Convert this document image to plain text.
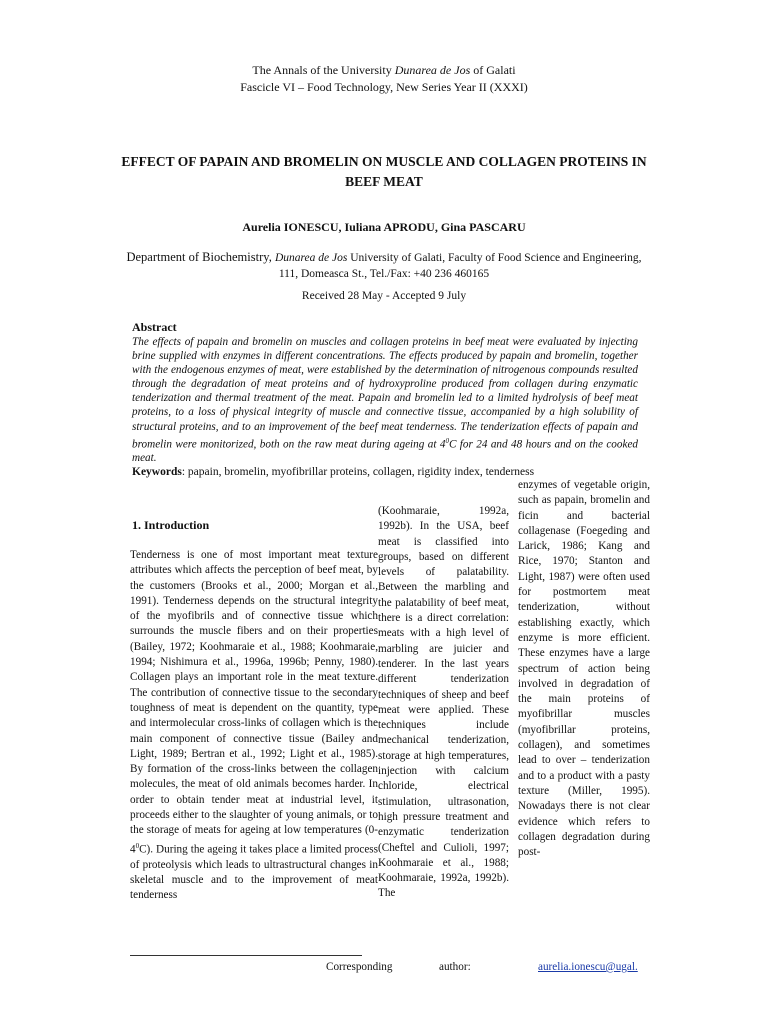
The Annals of the University Dunarea de Jos of Galati
Fascicle VI – Food Technology, New Series Year II (XXXI)
EFFECT OF PAPAIN AND BROMELIN ON MUSCLE AND COLLAGEN PROTEINS IN BEEF MEAT
Aurelia IONESCU, Iuliana APRODU, Gina PASCARU
Department of Biochemistry, Dunarea de Jos University of Galati, Faculty of Food Science and Engineering,
111, Domeasca St., Tel./Fax: +40 236 460165
Received 28 May - Accepted 9 July
Abstract
The effects of papain and bromelin on muscles and collagen proteins in beef meat were evaluated by injecting brine supplied with enzymes in different concentrations. The effects produced by papain and bromelin, together with the endogenous enzymes of meat, were established by the determination of nitrogenous compounds resulted through the degradation of meat proteins and of hydroxyproline produced from collagen during enzymatic tenderization and thermal treatment of the meat. Papain and bromelin led to a limited hydrolysis of beef meat proteins, to a loss of physical integrity of muscle and connective tissue, accompanied by a high solubility of structural proteins, and to an improvement of the beef meat tenderness. The tenderization effects of papain and bromelin were monitorized, both on the raw meat during ageing at $4^0C$ for 24 and 48 hours and on the cooked meat.
Keywords: papain, bromelin, myofibrillar proteins, collagen, rigidity index, tenderness
1. Introduction
Tenderness is one of most important meat texture attributes which affects the perception of beef meat, by the customers (Brooks et al., 2000; Morgan et al., 1991). Tenderness depends on the structural integrity of the myofibrils and of connective tissue which surrounds the muscle fibers and on their properties (Bailey, 1972; Koohmaraie et al., 1988; Koohmaraie, 1994; Nishimura et al., 1996a, 1996b; Penny, 1980). Collagen plays an important role in the meat texture. The contribution of connective tissue to the secondary toughness of meat is dependent on the quantity, type and intermolecular cross-links of collagen which is the main component of connective tissue (Bailey and Light, 1989; Bertran et al., 1992; Light et al., 1985). By formation of the cross-links between the collagen molecules, the meat of old animals becomes harder. In order to obtain tender meat at industrial level, it proceeds either to the slaughter of young animals, or to the storage of meats for ageing at low temperatures $(0-4^0C)$. During the ageing it takes place a limited process of proteolysis which leads to ultrastructural changes in skeletal muscle and to the improvement of meat tenderness
(Koohmaraie, 1992a, 1992b). In the USA, beef meat is classified into groups, based on different levels of palatability. Between the marbling and the palatability of beef meat, there is a direct correlation: meats with a high level of marbling are juicier and tenderer. In the last years different tenderization techniques of sheep and beef meat were applied. These techniques include mechanical tenderization, storage at high temperatures, injection with calcium chloride, electrical stimulation, ultrasonation, high pressure treatment and enzymatic tenderization (Cheftel and Culioli, 1997; Koohmaraie et al., 1988; Koohmaraie, 1992a, 1992b). The
enzymes of vegetable origin, such as papain, bromelin and ficin and bacterial collagenase (Foegeding and Larick, 1986; Kang and Rice, 1970; Stanton and Light, 1987) were often used for postmortem meat tenderization, without establishing exactly, which enzyme is more efficient. These enzymes have a large spectrum of action being involved in degradation of the main proteins of myofibrillar muscles (myofibrillar proteins, collagen), and sometimes lead to over – tenderization and to a product with a pasty texture (Miller, 1995). Nowadays there is not clear evidence which refers to collagen degradation during post-
Corresponding	author:	aurelia.ionescu@ugal.
